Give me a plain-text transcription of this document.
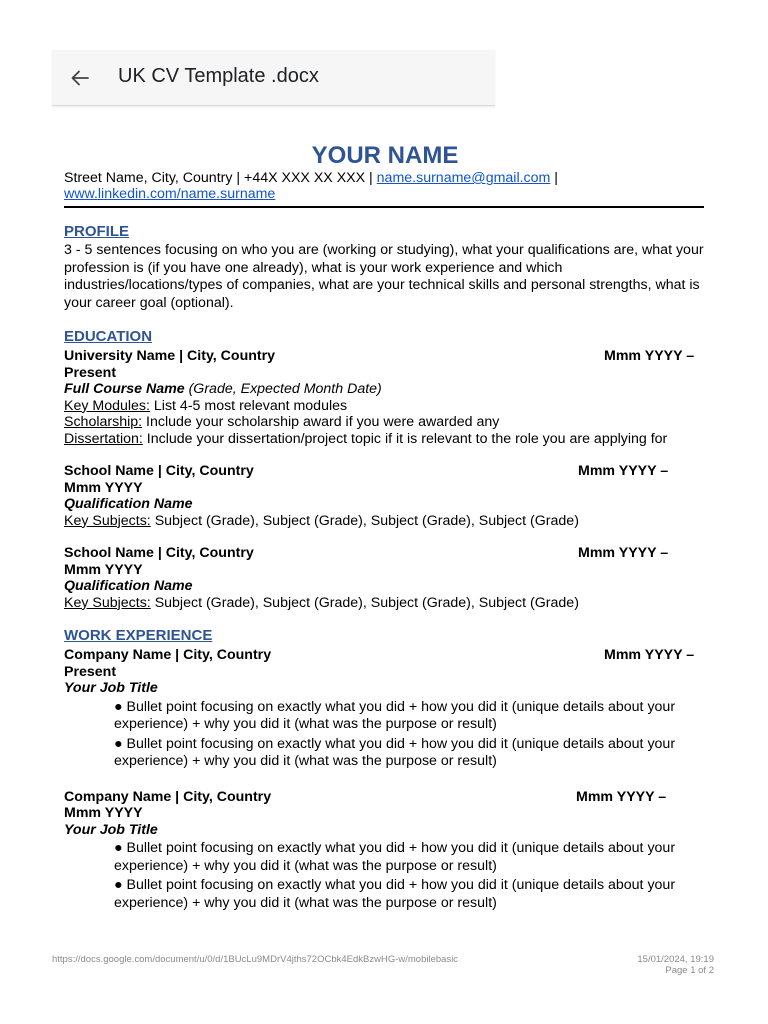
UK CV Template .docx
YOUR NAME
Street Name, City, Country | +44X XXX XX XXX | name.surname@gmail.com |
www.linkedin.com/name.surname
PROFILE
3 - 5 sentences focusing on who you are (working or studying), what your qualifications are, what your profession is (if you have one already), what is your work experience and which industries/locations/types of companies, what are your technical skills and personal strengths, what is your career goal (optional).
EDUCATION
University Name | City, Country	Mmm YYYY –
Present
Full Course Name (Grade, Expected Month Date)
Key Modules: List 4-5 most relevant modules
Scholarship: Include your scholarship award if you were awarded any
Dissertation: Include your dissertation/project topic if it is relevant to the role you are applying for
School Name | City, Country	Mmm YYYY –
Mmm YYYY
Qualification Name
Key Subjects: Subject (Grade), Subject (Grade), Subject (Grade), Subject (Grade)
School Name | City, Country	Mmm YYYY –
Mmm YYYY
Qualification Name
Key Subjects: Subject (Grade), Subject (Grade), Subject (Grade), Subject (Grade)
WORK EXPERIENCE
Company Name | City, Country	Mmm YYYY –
Present
Your Job Title
● Bullet point focusing on exactly what you did + how you did it (unique details about your experience) + why you did it (what was the purpose or result)
● Bullet point focusing on exactly what you did + how you did it (unique details about your experience) + why you did it (what was the purpose or result)
Company Name | City, Country	Mmm YYYY –
Mmm YYYY
Your Job Title
● Bullet point focusing on exactly what you did + how you did it (unique details about your experience) + why you did it (what was the purpose or result)
● Bullet point focusing on exactly what you did + how you did it (unique details about your experience) + why you did it (what was the purpose or result)
https://docs.google.com/document/u/0/d/1BUcLu9MDrV4jths72OCbk4EdkBzwHG-w/mobilebasic	15/01/2024, 19:19
Page 1 of 2
